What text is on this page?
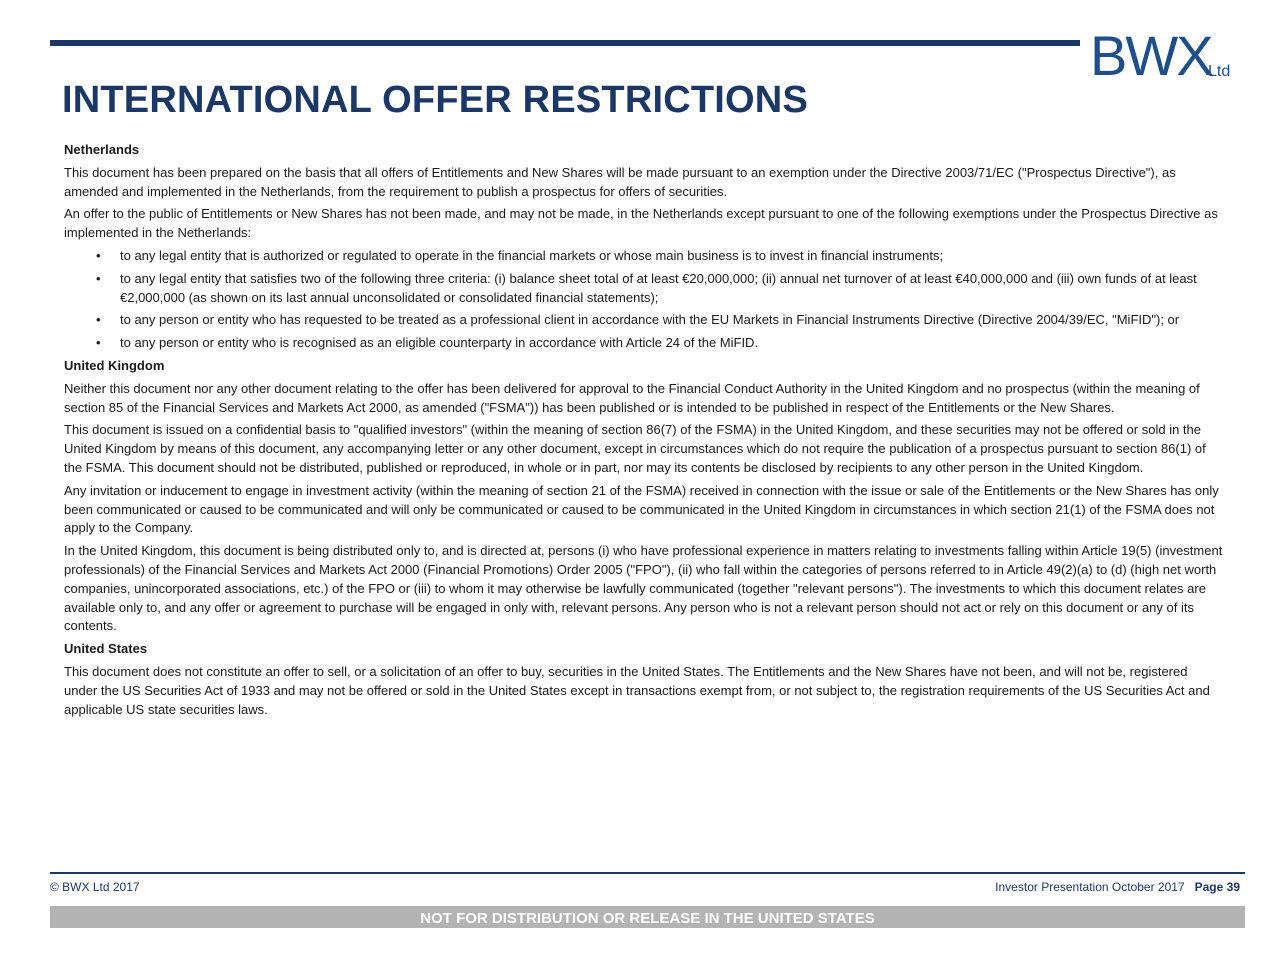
BWX
Ltd
INTERNATIONAL OFFER RESTRICTIONS
Netherlands

This document has been prepared on the basis that all offers of Entitlements and New Shares will be made pursuant to an exemption under the Directive 2003/71/EC ("Prospectus Directive"), as amended and implemented in the Netherlands, from the requirement to publish a prospectus for offers of securities.

An offer to the public of Entitlements or New Shares has not been made, and may not be made, in the Netherlands except pursuant to one of the following exemptions under the Prospectus Directive as implemented in the Netherlands:

• to any legal entity that is authorized or regulated to operate in the financial markets or whose main business is to invest in financial instruments;
• to any legal entity that satisfies two of the following three criteria: (i) balance sheet total of at least €20,000,000; (ii) annual net turnover of at least €40,000,000 and (iii) own funds of at least €2,000,000 (as shown on its last annual unconsolidated or consolidated financial statements);
• to any person or entity who has requested to be treated as a professional client in accordance with the EU Markets in Financial Instruments Directive (Directive 2004/39/EC, "MiFID"); or
• to any person or entity who is recognised as an eligible counterparty in accordance with Article 24 of the MiFID.
United Kingdom

Neither this document nor any other document relating to the offer has been delivered for approval to the Financial Conduct Authority in the United Kingdom and no prospectus (within the meaning of section 85 of the Financial Services and Markets Act 2000, as amended ("FSMA")) has been published or is intended to be published in respect of the Entitlements or the New Shares.

This document is issued on a confidential basis to "qualified investors" (within the meaning of section 86(7) of the FSMA) in the United Kingdom, and these securities may not be offered or sold in the United Kingdom by means of this document, any accompanying letter or any other document, except in circumstances which do not require the publication of a prospectus pursuant to section 86(1) of the FSMA. This document should not be distributed, published or reproduced, in whole or in part, nor may its contents be disclosed by recipients to any other person in the United Kingdom.

Any invitation or inducement to engage in investment activity (within the meaning of section 21 of the FSMA) received in connection with the issue or sale of the Entitlements or the New Shares has only been communicated or caused to be communicated and will only be communicated or caused to be communicated in the United Kingdom in circumstances in which section 21(1) of the FSMA does not apply to the Company.

In the United Kingdom, this document is being distributed only to, and is directed at, persons (i) who have professional experience in matters relating to investments falling within Article 19(5) (investment professionals) of the Financial Services and Markets Act 2000 (Financial Promotions) Order 2005 ("FPO"), (ii) who fall within the categories of persons referred to in Article 49(2)(a) to (d) (high net worth companies, unincorporated associations, etc.) of the FPO or (iii) to whom it may otherwise be lawfully communicated (together "relevant persons"). The investments to which this document relates are available only to, and any offer or agreement to purchase will be engaged in only with, relevant persons. Any person who is not a relevant person should not act or rely on this document or any of its contents.

United States

This document does not constitute an offer to sell, or a solicitation of an offer to buy, securities in the United States. The Entitlements and the New Shares have not been, and will not be, registered under the US Securities Act of 1933 and may not be offered or sold in the United States except in transactions exempt from, or not subject to, the registration requirements of the US Securities Act and applicable US state securities laws.

© BWX Ltd 2017	Investor Presentation October 2017 Page 39
NOT FOR DISTRIBUTION OR RELEASE IN THE UNITED STATES
